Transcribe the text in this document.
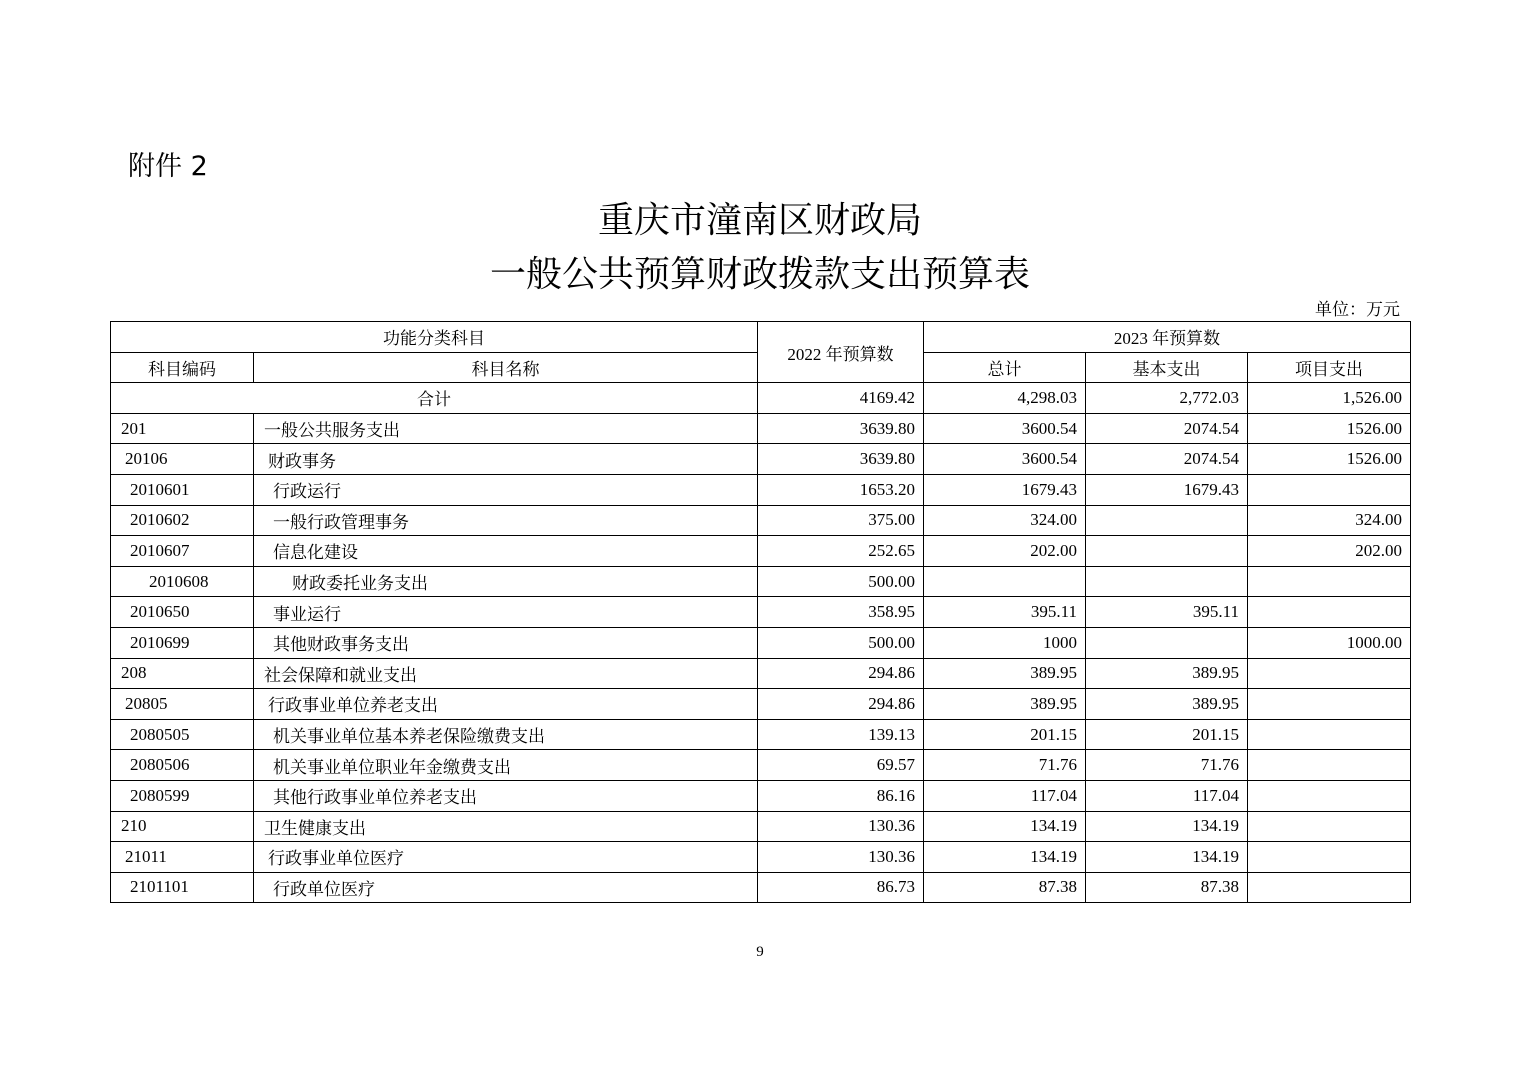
附件 2
重庆市潼南区财政局
一般公共预算财政拨款支出预算表
单位：万元
功能分类科目		2022 年预算数	2023 年预算数		
科目编码	科目名称		总计	基本支出	项目支出
合计		4169.42	4,298.03	2,772.03	1,526.00
201	一般公共服务支出	3639.80	3600.54	2074.54	1526.00
20106	财政事务	3639.80	3600.54	2074.54	1526.00
2010601	行政运行	1653.20	1679.43	1679.43	
2010602	一般行政管理事务	375.00	324.00		324.00
2010607	信息化建设	252.65	202.00		202.00
2010608	财政委托业务支出	500.00			
2010650	事业运行	358.95	395.11	395.11	
2010699	其他财政事务支出	500.00	1000		1000.00
208	社会保障和就业支出	294.86	389.95	389.95	
20805	行政事业单位养老支出	294.86	389.95	389.95	
2080505	机关事业单位基本养老保险缴费支出	139.13	201.15	201.15	
2080506	机关事业单位职业年金缴费支出	69.57	71.76	71.76	
2080599	其他行政事业单位养老支出	86.16	117.04	117.04	
210	卫生健康支出	130.36	134.19	134.19	
21011	行政事业单位医疗	130.36	134.19	134.19	
2101101	行政单位医疗	86.73	87.38	87.38	
9
